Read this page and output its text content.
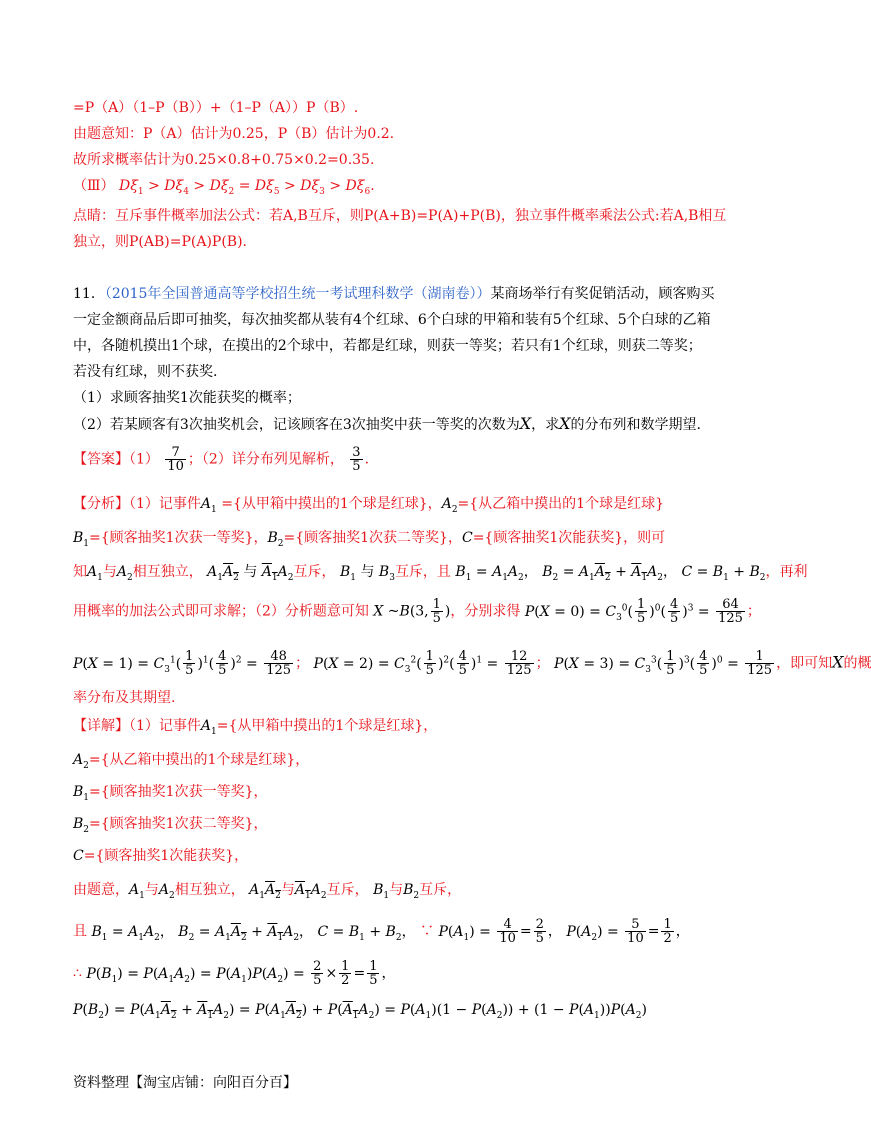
=P（A）（1–P（B））+（1–P（A））P（B）.
由题意知：P（A）估计为0.25，P（B）估计为0.2.
故所求概率估计为0.25×0.8+0.75×0.2=0.35.
（Ⅲ） $D\xi_1 > D\xi_4 > D\xi_2 = D\xi_5 > D\xi_3 > D\xi_6$.
点睛：互斥事件概率加法公式：若A,B互斥，则P(A+B)=P(A)+P(B)，独立事件概率乘法公式:若A,B相互
独立，则P(AB)=P(A)P(B).
11．（2015年全国普通高等学校招生统一考试理科数学（湖南卷））某商场举行有奖促销活动，顾客购买
一定金额商品后即可抽奖，每次抽奖都从装有4个红球、6个白球的甲箱和装有5个红球、5个白球的乙箱
中，各随机摸出1个球，在摸出的2个球中，若都是红球，则获一等奖；若只有1个红球，则获二等奖；
若没有红球，则不获奖.
（1）求顾客抽奖1次能获奖的概率；
（2）若某顾客有3次抽奖机会，记该顾客在3次抽奖中获一等奖的次数为X，求X的分布列和数学期望.
【答案】$(1) \frac{7}{10}$ ；（2）详分布列见解析， $\frac{3}{5}$ .
【分析】（1）记事件$A_1$ ={从甲箱中摸出的1个球是红球}，$A_2=${从乙箱中摸出的1个球是红球}
$B_1=${顾客抽奖1次获一等奖}，$B_2=${顾客抽奖1次获二等奖}，C={顾客抽奖1次能获奖}，则可
知$A_1$与$A_2$相互独立， $A_1A_2$ 与 $A_1A_2$互斥， $B_1$ 与 $B_3$互斥，且 $B_1 = A_1A_2$， $B_2 = A_1A_2 + A_1A_2$， $C = B_1 + B_2$，再利
用概率的加法公式即可求解；（2）分析题意可知 X ~B(3, $\frac{1}{5}$ )，分别求得 $P(X = 0) = C_3^0( \frac{1}{5} )^0( \frac{4}{5} )^3 = \frac{64}{125}$ ；
$P(X = 1) = C_3^1( \frac{1}{5} )^1( \frac{4}{5} )^2 = \frac{48}{125}$ ； $P(X = 2) = C_3^2( \frac{1}{5} )^2( \frac{4}{5} )^1 = \frac{12}{125}$ ； $P(X = 3) = C_3^3( \frac{1}{5} )^3( \frac{4}{5} )^0 = \frac{1}{125}$ ，即可知X的概
率分布及其期望.
【详解】（1）记事件$A_1=${从甲箱中摸出的1个球是红球}，
$A_2=${从乙箱中摸出的1个球是红球}，
$B_1=${顾客抽奖1次获一等奖}，
$B_2=${顾客抽奖1次获二等奖}，
C={顾客抽奖1次能获奖}，
由题意，$A_1$与$A_2$相互独立， $A_1A_2$与$A_1A_2$互斥， $B_1$与$B_2$互斥，
且 $B_1 = A_1A_2$， $B_2 = A_1A_2 + A_1A_2$， $C = B_1 + B_2$， ∵ $P(A_1) = \frac{4}{10} = \frac{2}{5}$ ， $P(A_2) = \frac{5}{10} = \frac{1}{2}$ ，
∴ $P(B_1) = P(A_1A_2) = P(A_1)P(A_2) = \frac{2}{5} \times \frac{1}{2} = \frac{1}{5}$ ，
$P(B_2) = P(A_1A_2 + A_1A_2) = P(A_1A_2) + P(A_1A_2) = P(A_1)(1 - P(A_2)) + (1 - P(A_1))P(A_2)$
资料整理【淘宝店铺：向阳百分百】
